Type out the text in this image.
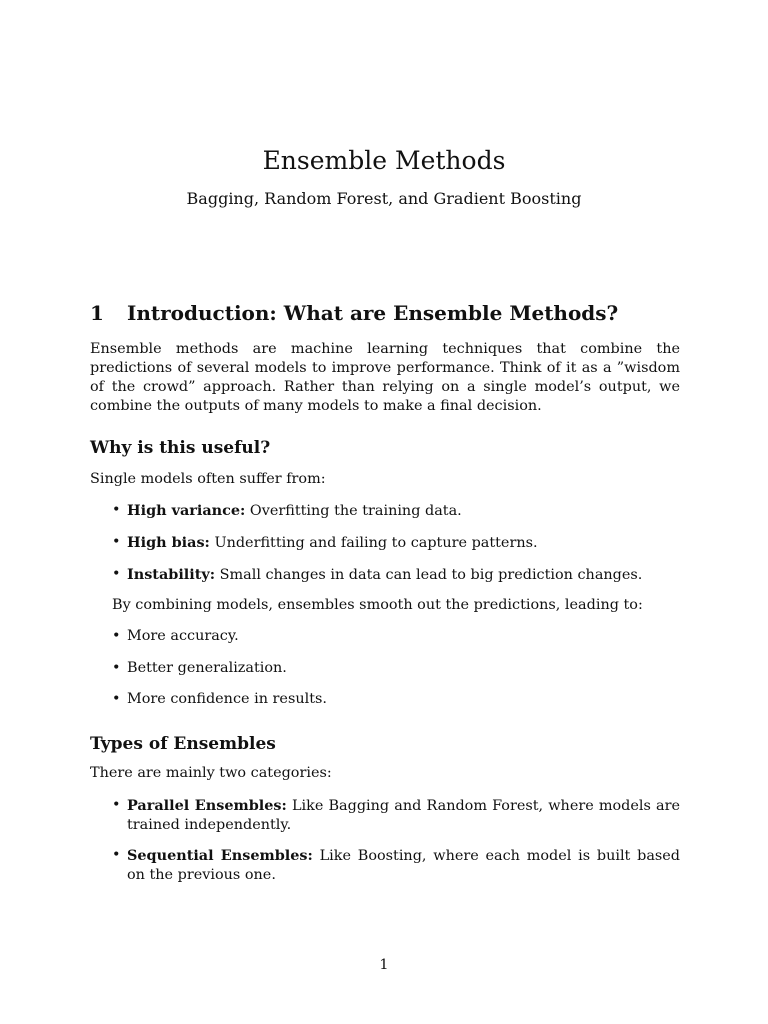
Ensemble Methods
Bagging, Random Forest, and Gradient Boosting
1 Introduction: What are Ensemble Methods?
Ensemble methods are machine learning techniques that combine the predictions of several models to improve performance. Think of it as a ”wisdom of the crowd” approach. Rather than relying on a single model’s output, we combine the outputs of many models to make a final decision.
Why is this useful?
Single models often suffer from:
• High variance: Overfitting the training data.
• High bias: Underfitting and failing to capture patterns.
• Instability: Small changes in data can lead to big prediction changes.
By combining models, ensembles smooth out the predictions, leading to:
• More accuracy.
• Better generalization.
• More confidence in results.
Types of Ensembles
There are mainly two categories:
• Parallel Ensembles: Like Bagging and Random Forest, where models are trained independently.
• Sequential Ensembles: Like Boosting, where each model is built based on the previous one.
1
